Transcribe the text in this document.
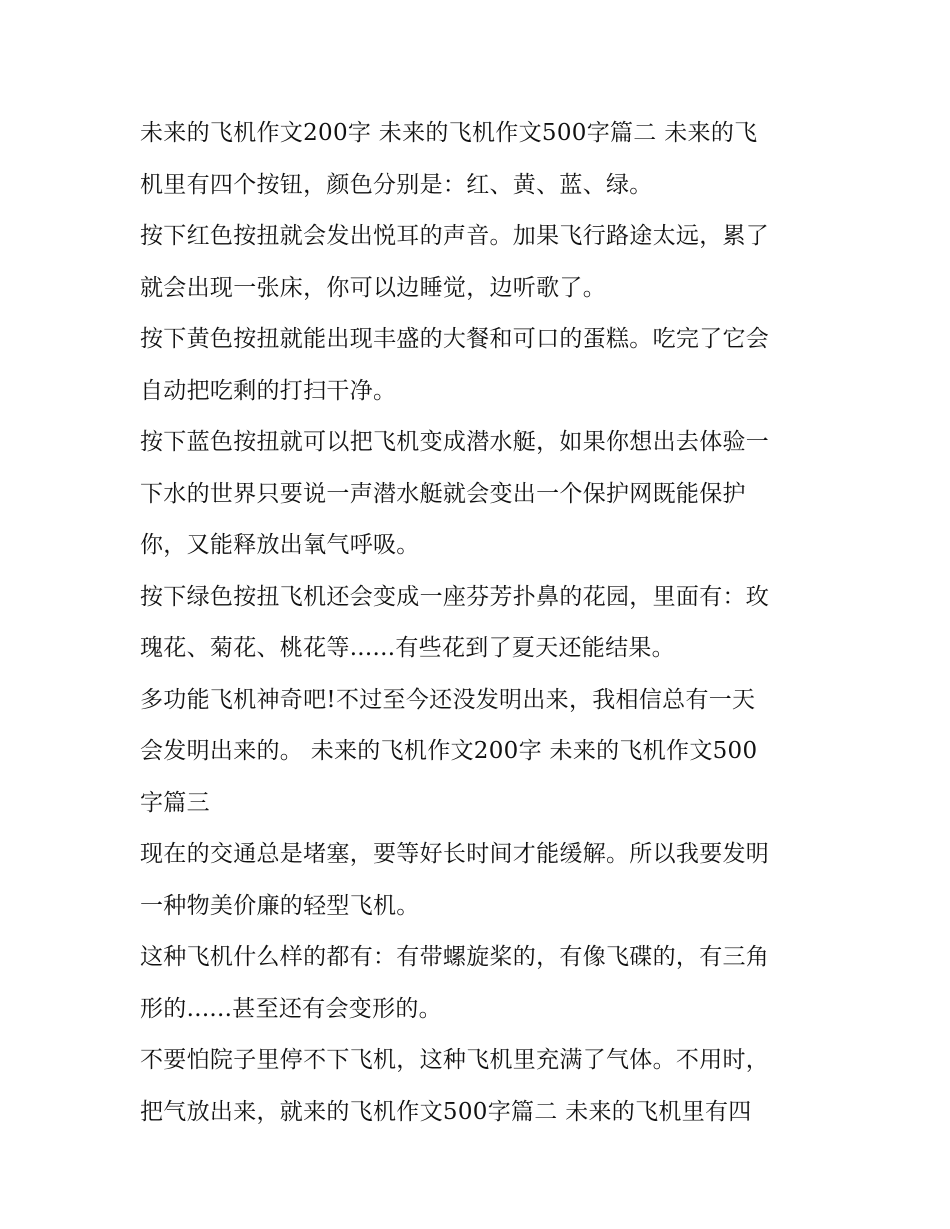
未来的飞机作文200字 未来的飞机作文500字篇二 未来的飞
机里有四个按钮，颜色分别是：红、黄、蓝、绿。
按下红色按扭就会发出悦耳的声音。加果飞行路途太远，累了
就会出现一张床，你可以边睡觉，边听歌了。
按下黄色按扭就能出现丰盛的大餐和可口的蛋糕。吃完了它会
自动把吃剩的打扫干净。
按下蓝色按扭就可以把飞机变成潜水艇，如果你想出去体验一
下水的世界只要说一声潜水艇就会变出一个保护网既能保护
你，又能释放出氧气呼吸。
按下绿色按扭飞机还会变成一座芬芳扑鼻的花园，里面有：玫
瑰花、菊花、桃花等......有些花到了夏天还能结果。
多功能飞机神奇吧!不过至今还没发明出来，我相信总有一天
会发明出来的。 未来的飞机作文200字 未来的飞机作文500
字篇三
现在的交通总是堵塞，要等好长时间才能缓解。所以我要发明
一种物美价廉的轻型飞机。
这种飞机什么样的都有：有带螺旋桨的，有像飞碟的，有三角
形的......甚至还有会变形的。
不要怕院子里停不下飞机，这种飞机里充满了气体。不用时，
把气放出来，就来的飞机作文500字篇二 未来的飞机里有四
